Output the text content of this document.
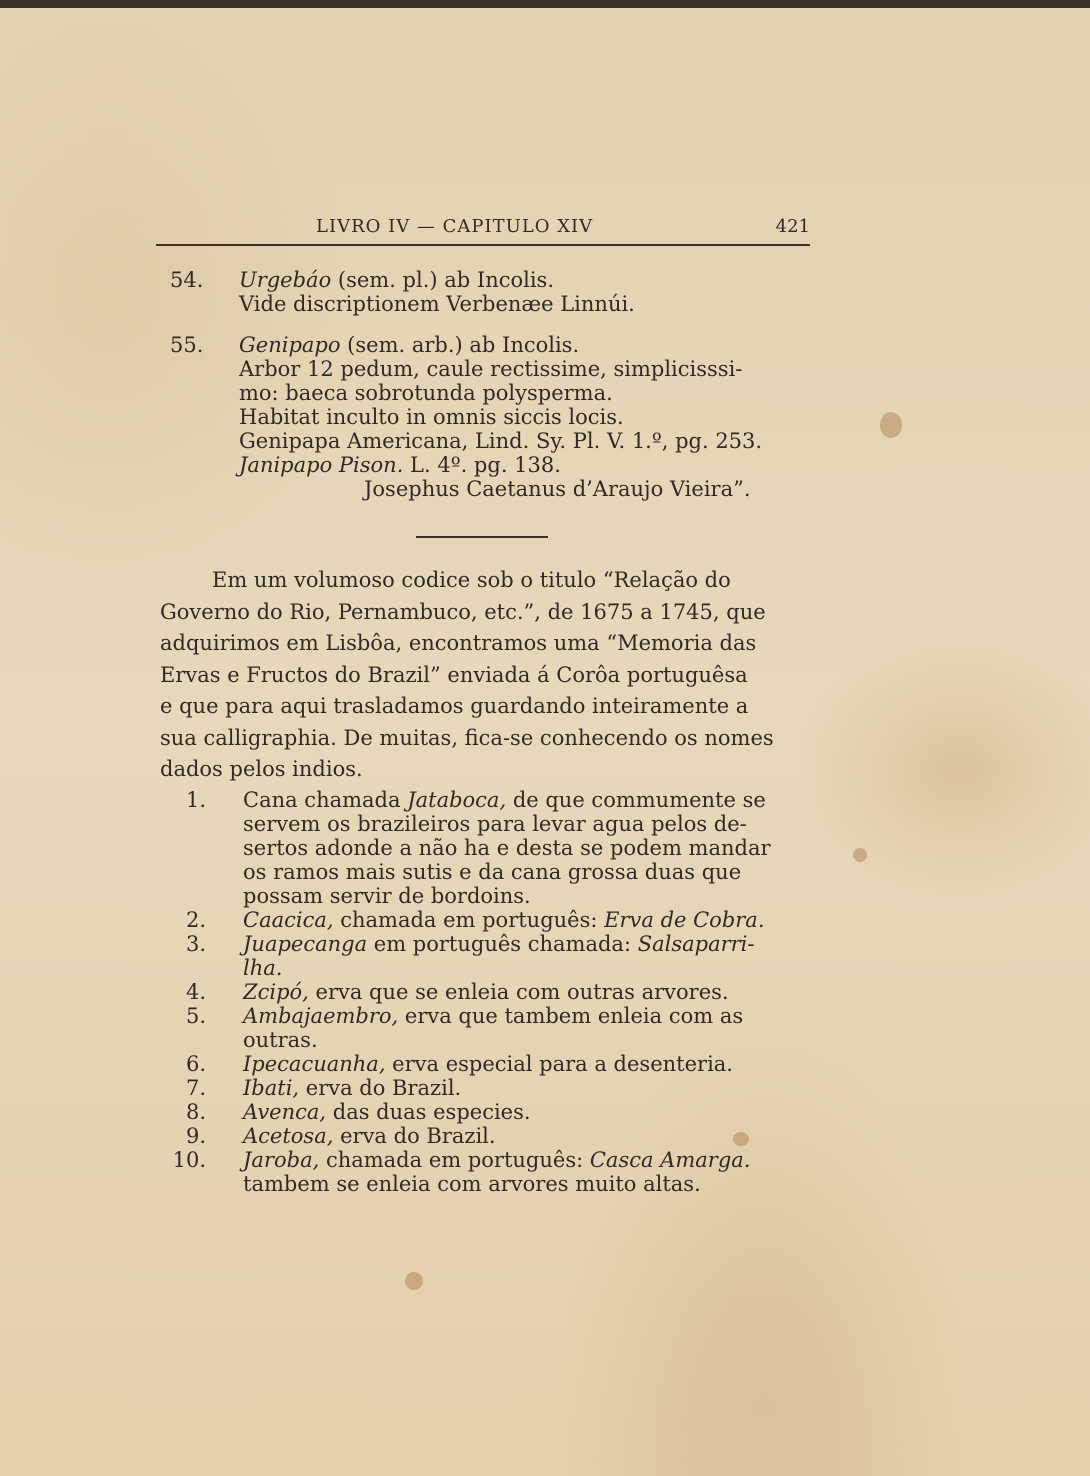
LIVRO IV — CAPITULO XIV	421
54. Urgebáo (sem. pl.) ab Incolis.
Vide discriptionem Verbenæe Linnúi.
55. Genipapo (sem. arb.) ab Incolis.
Arbor 12 pedum, caule rectissime, simplicisssi-
mo: baeca sobrotunda polysperma.
Habitat inculto in omnis siccis locis.
Genipapa Americana, Lind. Sy. Pl. V. 1.º, pg. 253.
Janipapo Pison. L. 4º. pg. 138.
Josephus Caetanus d’Araujo Vieira”.
Em um volumoso codice sob o titulo “Relação do
Governo do Rio, Pernambuco, etc.”, de 1675 a 1745, que
adquirimos em Lisbôa, encontramos uma “Memoria das
Ervas e Fructos do Brazil” enviada á Corôa portuguêsa
e que para aqui trasladamos guardando inteiramente a
sua calligraphia. De muitas, fica-se conhecendo os nomes
dados pelos indios.
1. Cana chamada Jataboca, de que commumente se
servem os brazileiros para levar agua pelos de-
sertos adonde a não ha e desta se podem mandar
os ramos mais sutis e da cana grossa duas que
possam servir de bordoins.
2. Caacica, chamada em português: Erva de Cobra.
3. Juapecanga em português chamada: Salsaparri-
lha.
4. Zcipó, erva que se enleia com outras arvores.
5. Ambajaembro, erva que tambem enleia com as
outras.
6. Ipecacuanha, erva especial para a desenteria.
7. Ibati, erva do Brazil.
8. Avenca, das duas especies.
9. Acetosa, erva do Brazil.
10. Jaroba, chamada em português: Casca Amarga.
tambem se enleia com arvores muito altas.
